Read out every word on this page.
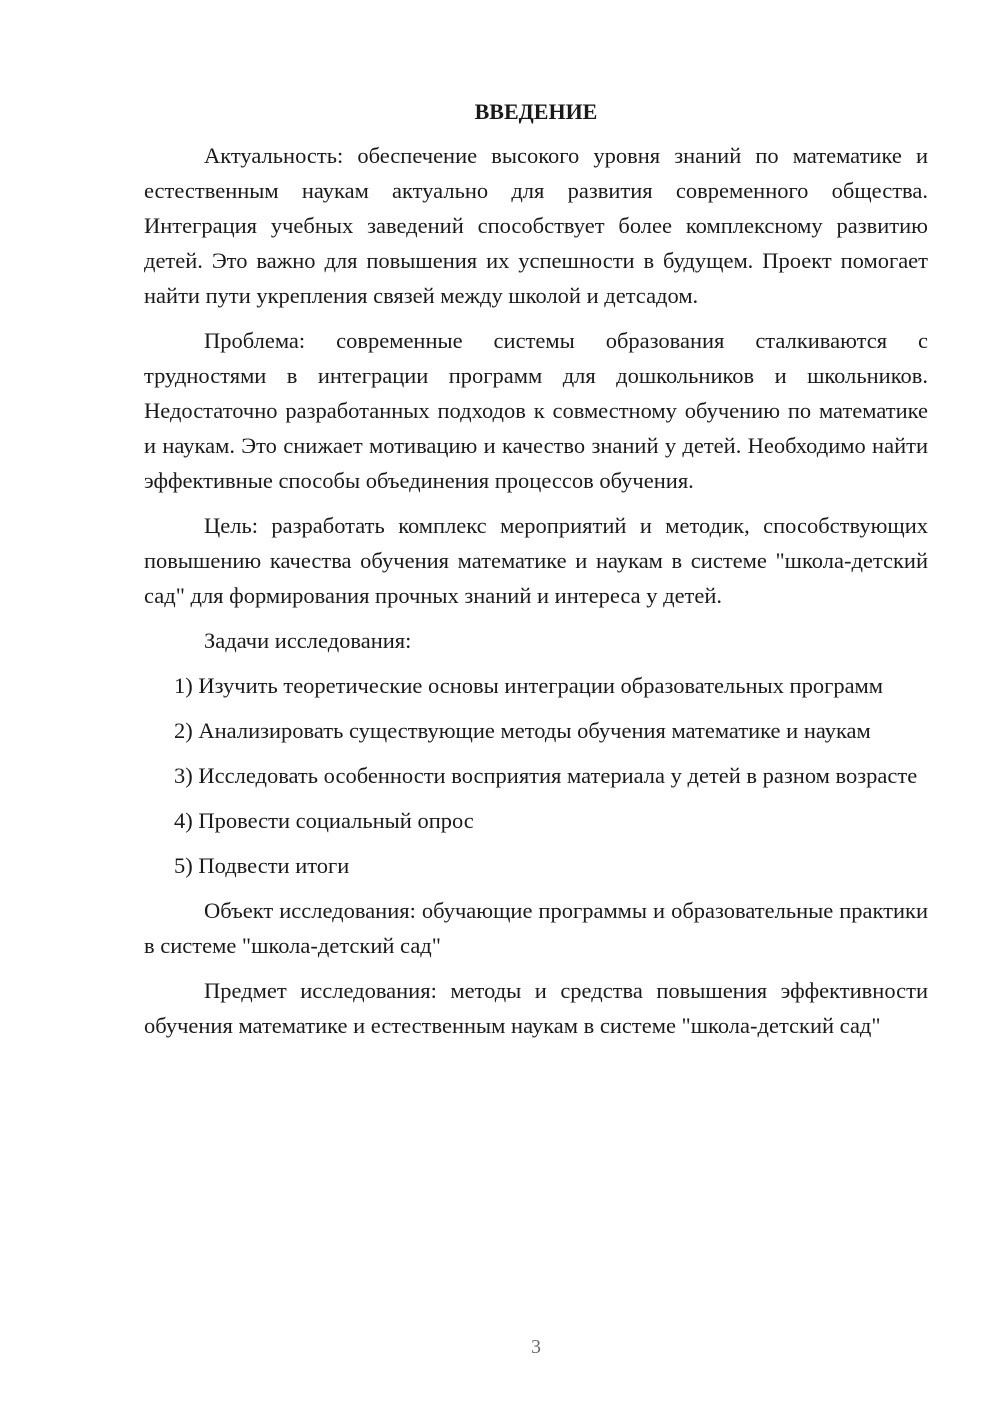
ВВЕДЕНИЕ

Актуальность: обеспечение высокого уровня знаний по математике и естественным наукам актуально для развития современного общества. Интеграция учебных заведений способствует более комплексному развитию детей. Это важно для повышения их успешности в будущем. Проект помогает найти пути укрепления связей между школой и детсадом.

Проблема: современные системы образования сталкиваются с трудностями в интеграции программ для дошкольников и школьников. Недостаточно разработанных подходов к совместному обучению по математике и наукам. Это снижает мотивацию и качество знаний у детей. Необходимо найти эффективные способы объединения процессов обучения.

Цель: разработать комплекс мероприятий и методик, способствующих повышению качества обучения математике и наукам в системе "школа-детский сад" для формирования прочных знаний и интереса у детей.

Задачи исследования:

1) Изучить теоретические основы интеграции образовательных программ

2) Анализировать существующие методы обучения математике и наукам

3) Исследовать особенности восприятия материала у детей в разном возрасте

4) Провести социальный опрос

5) Подвести итоги

Объект исследования: обучающие программы и образовательные практики в системе "школа-детский сад"

Предмет исследования: методы и средства повышения эффективности обучения математике и естественным наукам в системе "школа-детский сад"

3
